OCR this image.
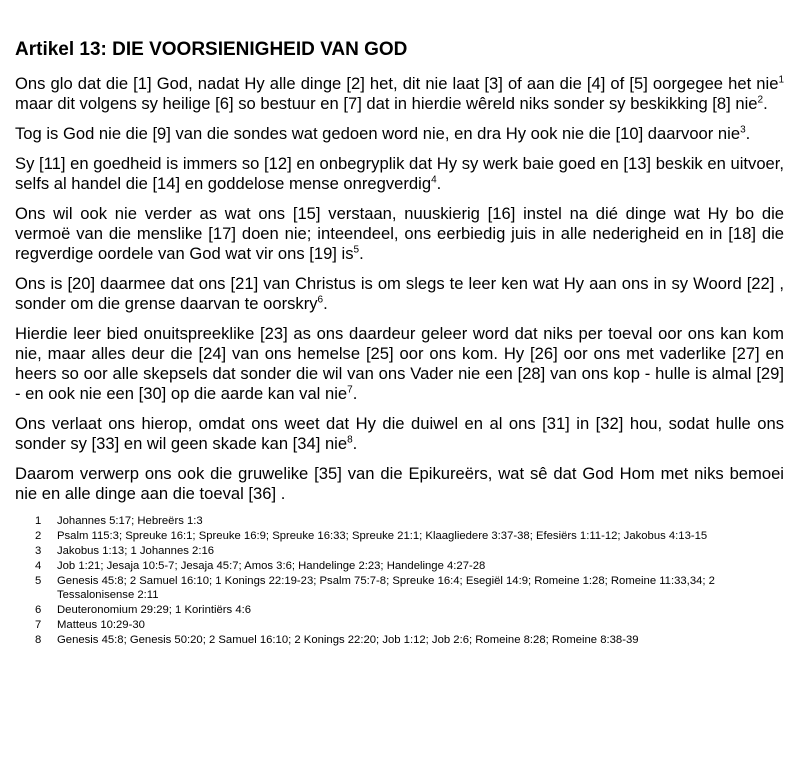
Artikel 13: DIE VOORSIENIGHEID VAN GOD

Ons glo dat die [1] God, nadat Hy alle dinge [2] het, dit nie laat [3] of aan die [4] of [5] oorgegee het nie$^1$ maar dit volgens sy heilige [6] so bestuur en [7] dat in hierdie wêreld niks sonder sy beskikking [8] nie$^2$.

Tog is God nie die [9] van die sondes wat gedoen word nie, en dra Hy ook nie die [10] daarvoor nie$^3$.

Sy [11] en goedheid is immers so [12] en onbegryplik dat Hy sy werk baie goed en [13] beskik en uitvoer, selfs al handel die [14] en goddelose mense onregverdig$^4$.

Ons wil ook nie verder as wat ons [15] verstaan, nuuskierig [16] instel na dié dinge wat Hy bo die vermoë van die menslike [17] doen nie; inteendeel, ons eerbiedig juis in alle nederigheid en in [18] die regverdige oordele van God wat vir ons [19] $is^5$.

Ons is [20] daarmee dat ons [21] van Christus is om slegs te leer ken wat Hy aan ons in sy Woord [22] , sonder om die grense daarvan te oorskry$^6$.

Hierdie leer bied onuitspreeklike [23] as ons daardeur geleer word dat niks per toeval oor ons kan kom nie, maar alles deur die [24] van ons hemelse [25] oor ons kom. Hy [26] oor ons met vaderlike [27] en heers so oor alle skepsels dat sonder die wil van ons Vader nie een [28] van ons kop - hulle is almal [29] - en ook nie een [30] op die aarde kan val nie$^7$.

Ons verlaat ons hierop, omdat ons weet dat Hy die duiwel en al ons [31] in [32] hou, sodat hulle ons sonder sy [33] en wil geen skade kan [34] nie$^8$.

Daarom verwerp ons ook die gruwelike [35] van die Epikureërs, wat sê dat God Hom met niks bemoei nie en alle dinge aan die toeval [36] .

1	Johannes 5:17; Hebreërs 1:3
2	Psalm 115:3; Spreuke 16:1; Spreuke 16:9; Spreuke 16:33; Spreuke 21:1; Klaagliedere 3:37-38; Efesiërs 1:11-12; Jakobus 4:13-15
3	Jakobus 1:13; 1 Johannes 2:16
4	Job 1:21; Jesaja 10:5-7; Jesaja 45:7; Amos 3:6; Handelinge 2:23; Handelinge 4:27-28
5	Genesis 45:8; 2 Samuel 16:10; 1 Konings 22:19-23; Psalm 75:7-8; Spreuke 16:4; Esegiël 14:9; Romeine 1:28; Romeine 11:33,34; 2 Tessalonisense 2:11
6	Deuteronomium 29:29; 1 Korintiërs 4:6
7	Matteus 10:29-30
8	Genesis 45:8; Genesis 50:20; 2 Samuel 16:10; 2 Konings 22:20; Job 1:12; Job 2:6; Romeine 8:28; Romeine 8:38-39
